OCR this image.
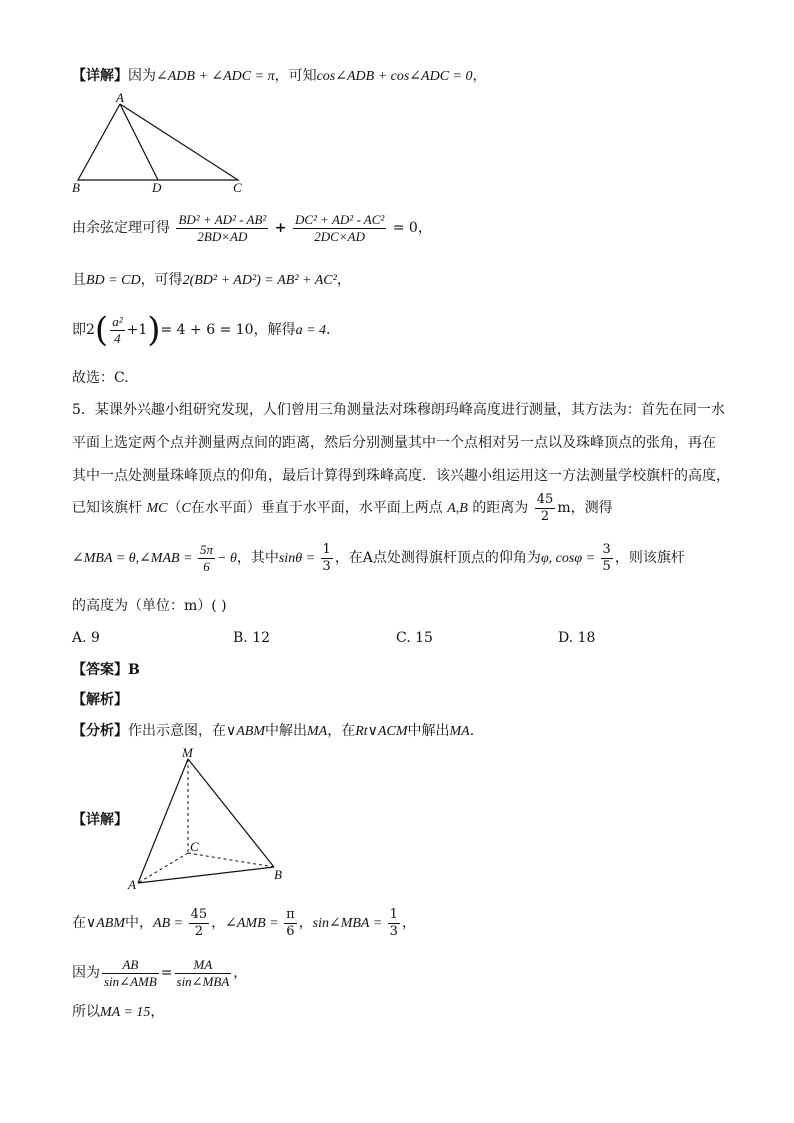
【详解】因为∠ADB + ∠ADC = π，可知cos∠ADB + cos∠ADC = 0，
A
B	D	C
由余弦定理可得 $\frac{\text{BD² + AD² - AB²}}{2BD\times AD} + \frac{\text{DC² + AD² - AC²}}{2DC\times AD} = 0$，
且BD = CD，可得2(BD² + AD²) = AB² + AC²，
即$2( \frac{\text{a²}}{4} +1)= 4 + 6 = 10$，解得a = 4.
故选：C.
5．某课外兴趣小组研究发现，人们曾用三角测量法对珠穆朗玛峰高度进行测量，其方法为：首先在同一水
平面上选定两个点并测量两点间的距离，然后分别测量其中一个点相对另一点以及珠峰顶点的张角，再在
其中一点处测量珠峰顶点的仰角，最后计算得到珠峰高度．该兴趣小组运用这一方法测量学校旗杆的高度，
已知该旗杆 MC（C在水平面）垂直于水平面，水平面上两点 A,B 的距离为 $\frac{45}{2}$ m，测得
∠MBA = θ,∠MAB = $\frac{5\pi}{6} - \theta$，其中$\sin\theta = \frac{1}{3}$ ，在A点处测得旗杆顶点的仰角为φ, $\cos\varphi = \frac{3}{5}$ ，则该旗杆
的高度为（单位：m）( )
A. 9	B. 12	C. 15	D. 18
【答案】B
【解析】
【分析】作出示意图，在∨ABM中解出MA，在Rt∨ACM中解出MA.
M
C
A
B
【详解】
在∨ABM中，AB = $\frac{45}{2}$ ，∠AMB = $\frac{\pi}{6}$ ，sin∠MBA = $\frac{1}{3}$ ，
因为 $\frac{AB}{\text{sin∠AMB}} = \frac{MA}{\text{sin∠MBA}}$ ，
所以MA = 15，
